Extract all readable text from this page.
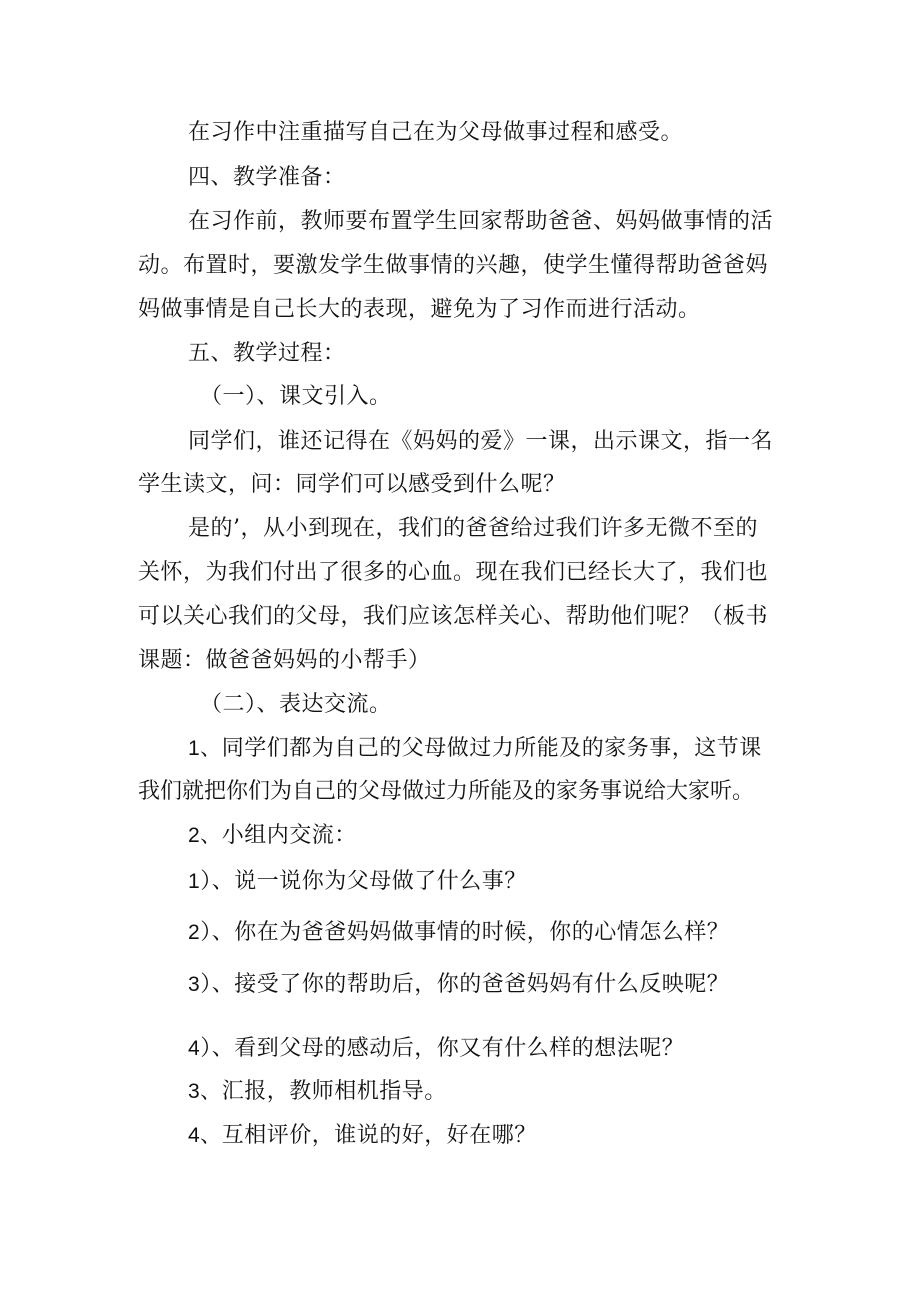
在习作中注重描写自己在为父母做事过程和感受。
四、教学准备：
在习作前，教师要布置学生回家帮助爸爸、妈妈做事情的活
动。布置时，要激发学生做事情的兴趣，使学生懂得帮助爸爸妈
妈做事情是自己长大的表现，避免为了习作而进行活动。
五、教学过程：
（一）、课文引入。
同学们，谁还记得在《妈妈的爱》一课，出示课文，指一名
学生读文，问：同学们可以感受到什么呢？
是的’，从小到现在，我们的爸爸给过我们许多无微不至的
关怀，为我们付出了很多的心血。现在我们已经长大了，我们也
可以关心我们的父母，我们应该怎样关心、帮助他们呢？（板书
课题：做爸爸妈妈的小帮手）
（二）、表达交流。
1、同学们都为自己的父母做过力所能及的家务事，这节课
我们就把你们为自己的父母做过力所能及的家务事说给大家听。
2、小组内交流：
1）、说一说你为父母做了什么事？
2）、你在为爸爸妈妈做事情的时候，你的心情怎么样？
3）、接受了你的帮助后，你的爸爸妈妈有什么反映呢？
4）、看到父母的感动后，你又有什么样的想法呢？
3、汇报，教师相机指导。
4、互相评价，谁说的好，好在哪？
